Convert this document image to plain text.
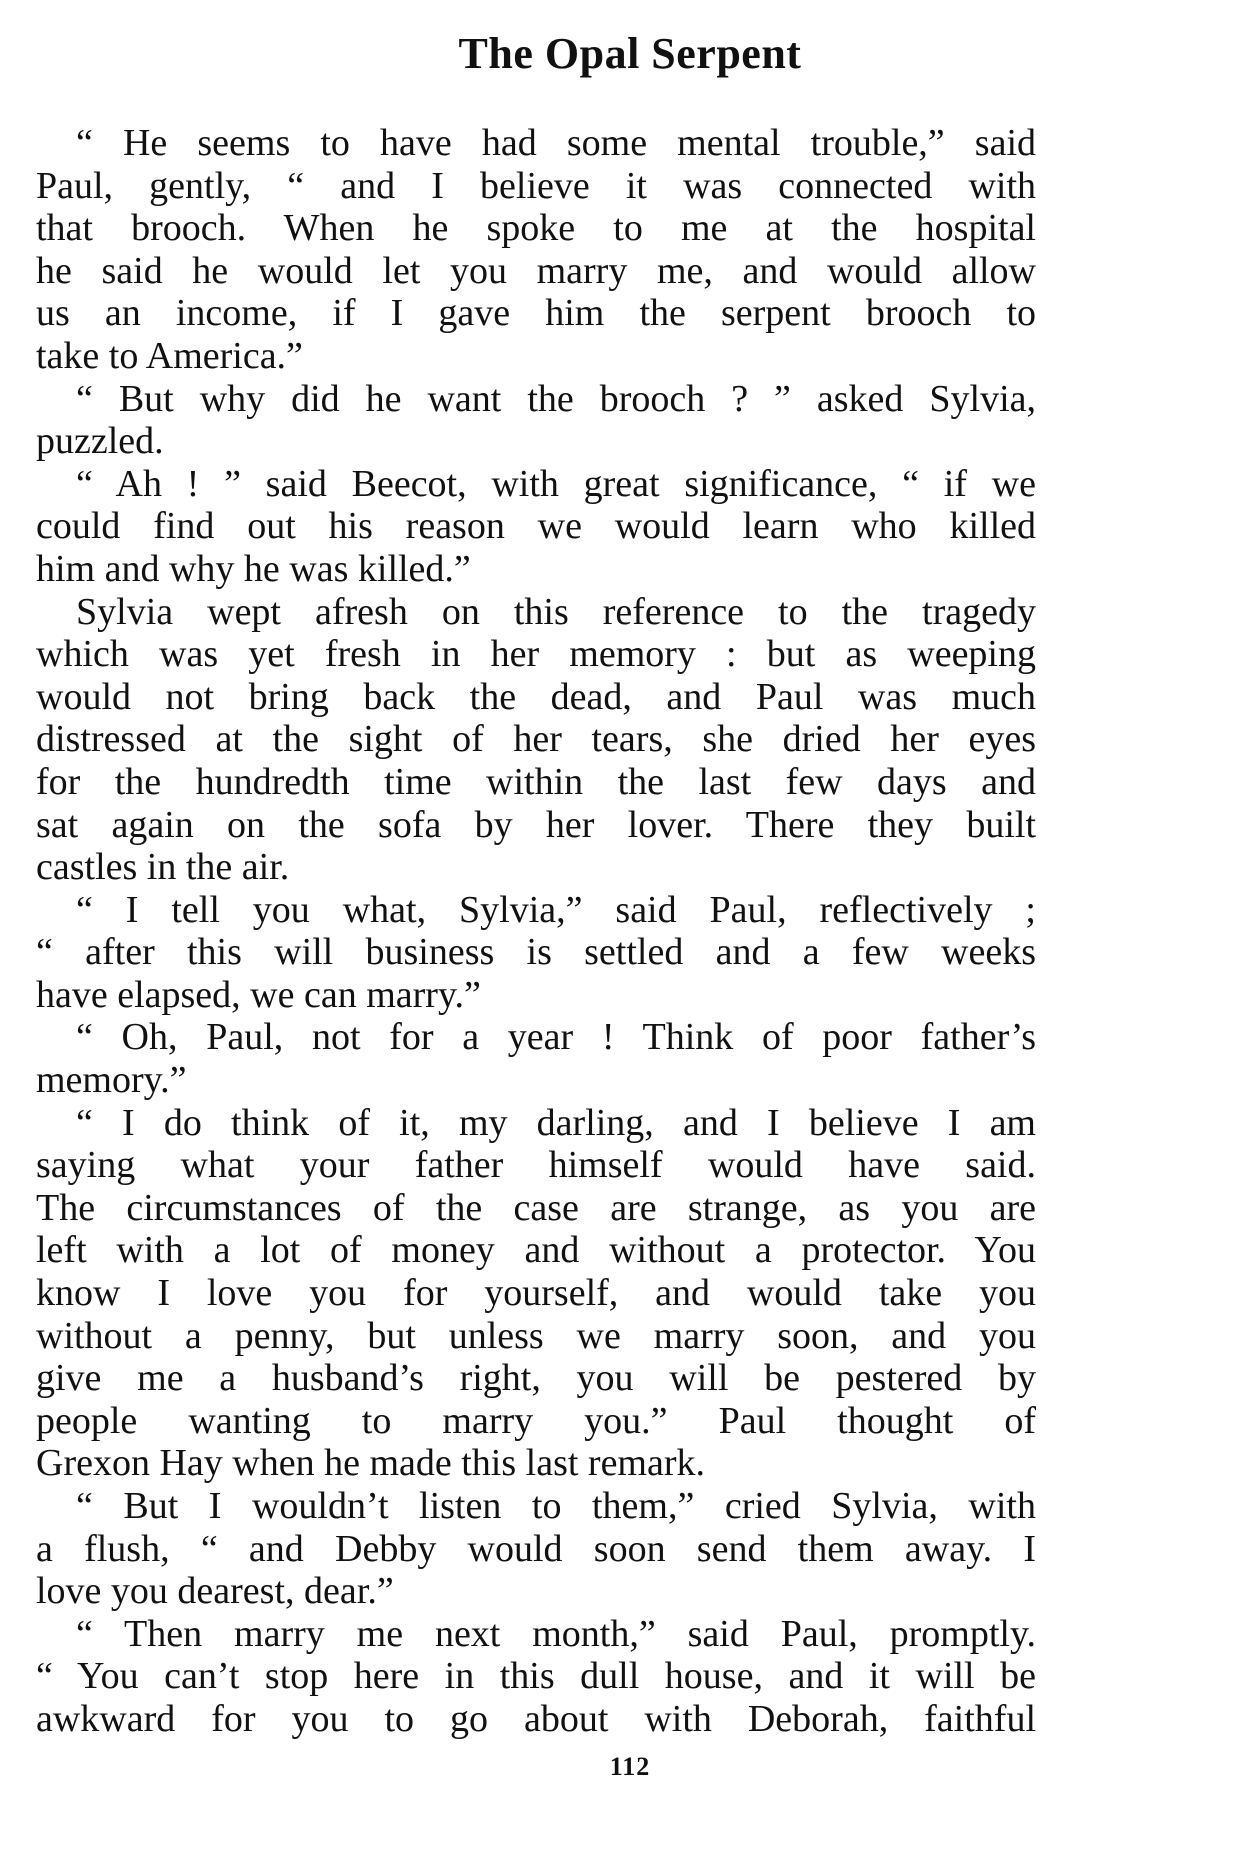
The Opal Serpent
“ He seems to have had some mental trouble,” said
Paul, gently, “ and I believe it was connected with
that brooch. When he spoke to me at the hospital
he said he would let you marry me, and would allow
us an income, if I gave him the serpent brooch to
take to America.”
“ But why did he want the brooch ? ” asked Sylvia,
puzzled.
“ Ah ! ” said Beecot, with great significance, “ if we
could find out his reason we would learn who killed
him and why he was killed.”
Sylvia wept afresh on this reference to the tragedy
which was yet fresh in her memory : but as weeping
would not bring back the dead, and Paul was much
distressed at the sight of her tears, she dried her eyes
for the hundredth time within the last few days and
sat again on the sofa by her lover. There they built
castles in the air.
“ I tell you what, Sylvia,” said Paul, reflectively ;
“ after this will business is settled and a few weeks
have elapsed, we can marry.”
“ Oh, Paul, not for a year ! Think of poor father’s
memory.”
“ I do think of it, my darling, and I believe I am
saying what your father himself would have said.
The circumstances of the case are strange, as you are
left with a lot of money and without a protector. You
know I love you for yourself, and would take you
without a penny, but unless we marry soon, and you
give me a husband’s right, you will be pestered by
people wanting to marry you.” Paul thought of
Grexon Hay when he made this last remark.
“ But I wouldn’t listen to them,” cried Sylvia, with
a flush, “ and Debby would soon send them away. I
love you dearest, dear.”
“ Then marry me next month,” said Paul, promptly.
“ You can’t stop here in this dull house, and it will be
awkward for you to go about with Deborah, faithful
112
